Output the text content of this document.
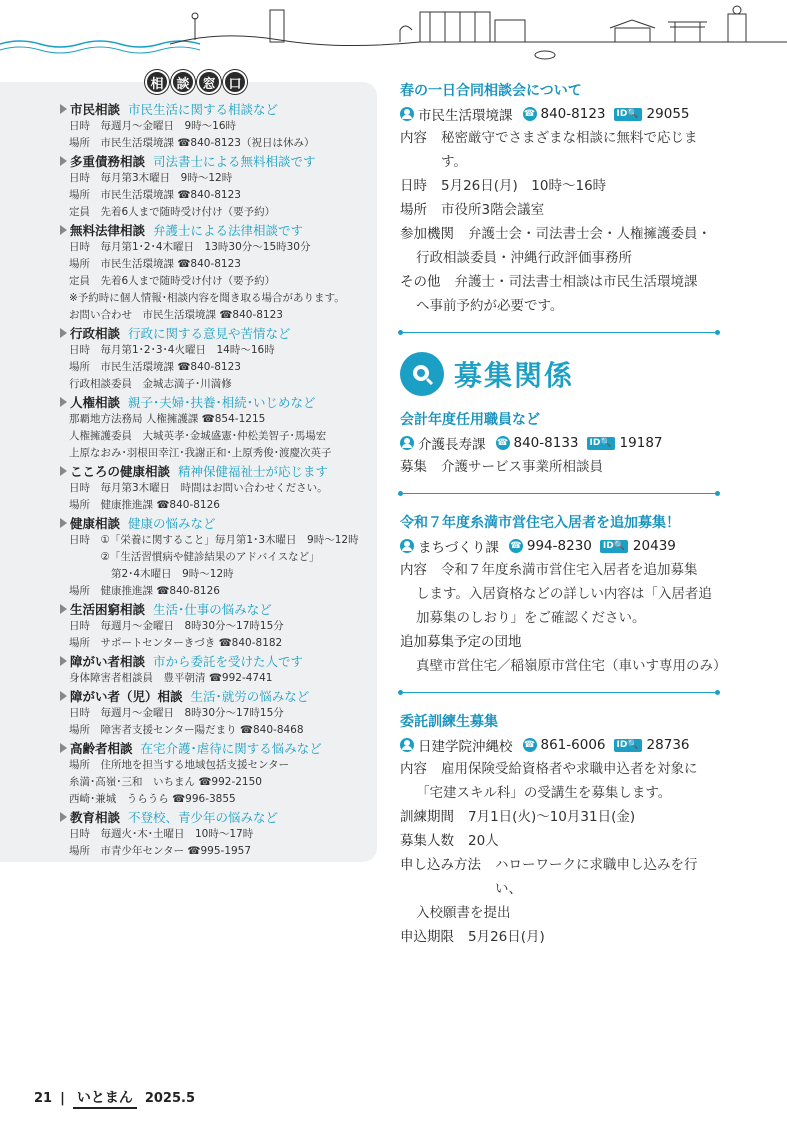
相 談 窓 口
市民相談 市民生活に関する相談など
日時　毎週月～金曜日　9時～16時
場所　市民生活環境課 ☎840-8123（祝日は休み）
多重債務相談 司法書士による無料相談です
日時　毎月第3木曜日　9時～12時
場所　市民生活環境課 ☎840-8123
定員　先着6人まで随時受け付け（要予約）
無料法律相談 弁護士による法律相談です
日時　毎月第1･2･4木曜日　13時30分～15時30分
場所　市民生活環境課 ☎840-8123
定員　先着6人まで随時受け付け（要予約）
※予約時に個人情報･相談内容を聞き取る場合があります。
お問い合わせ　市民生活環境課 ☎840-8123
行政相談 行政に関する意見や苦情など
日時　毎月第1･2･3･4火曜日　14時～16時
場所　市民生活環境課 ☎840-8123
行政相談委員　金城志満子･川満修
人権相談 親子･夫婦･扶養･相続･いじめなど
那覇地方法務局 人権擁護課 ☎854-1215
人権擁護委員　大城英孝･金城盛憲･仲松美智子･馬場宏
上原なおみ･羽根田幸江･我謝正和･上原秀俊･渡慶次英子
こころの健康相談 精神保健福祉士が応じます
日時　毎月第3木曜日　時間はお問い合わせください。
場所　健康推進課 ☎840-8126
健康相談 健康の悩みなど
日時　①「栄養に関すること」毎月第1･3木曜日　9時～12時
　　　②「生活習慣病や健診結果のアドバイスなど」
　　　　第2･4木曜日　9時～12時
場所　健康推進課 ☎840-8126
生活困窮相談 生活･仕事の悩みなど
日時　毎週月～金曜日　8時30分～17時15分
場所　サポートセンターきづき ☎840-8182
障がい者相談 市から委託を受けた人です
身体障害者相談員　豊平朝清 ☎992-4741
障がい者（児）相談 生活･就労の悩みなど
日時　毎週月～金曜日　8時30分～17時15分
場所　障害者支援センター陽だまり ☎840-8468
高齢者相談 在宅介護･虐待に関する悩みなど
場所　住所地を担当する地域包括支援センター
糸満･高嶺･三和　いちまん ☎992-2150
西崎･兼城　うらうら ☎996-3855
教育相談 不登校、青少年の悩みなど
日時　毎週火･木･土曜日　10時～17時
場所　市青少年センター ☎995-1957
春の一日合同相談会について
市民生活環境課 ☎ 840-8123 ID 🔍 29055
内容 秘密厳守でさまざまな相談に無料で応じます。
日時 5月26日(月)　10時～16時
場所 市役所3階会議室
参加機関 弁護士会・司法書士会・人権擁護委員・
行政相談委員・沖縄行政評価事務所
その他 弁護士・司法書士相談は市民生活環境課
へ事前予約が必要です。
募集関係
会計年度任用職員など
介護長寿課 ☎ 840-8133 ID 🔍 19187
募集 介護サービス事業所相談員
令和７年度糸満市営住宅入居者を追加募集！
まちづくり課 ☎ 994-8230 ID 🔍 20439
内容 令和７年度糸満市営住宅入居者を追加募集
します。入居資格などの詳しい内容は「入居者追
加募集のしおり」をご確認ください。
追加募集予定の団地
真壁市営住宅／稲嶺原市営住宅（車いす専用のみ）
委託訓練生募集
日建学院沖縄校 ☎ 861-6006 ID 🔍 28736
内容 雇用保険受給資格者や求職申込者を対象に
「宅建スキル科」の受講生を募集します。
訓練期間 7月1日(火)～10月31日(金)
募集人数 20人
申し込み方法 ハローワークに求職申し込みを行い、
入校願書を提出
申込期限 5月26日(月)
21 | いとまん 2025.5
